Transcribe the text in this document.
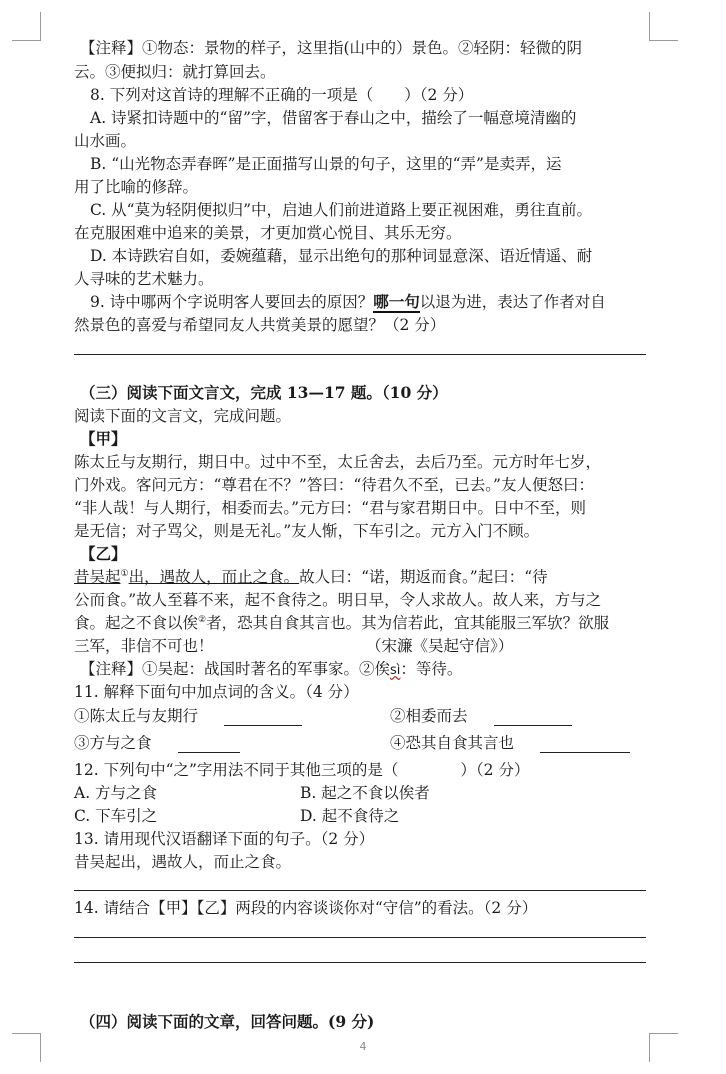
【注释】①物态：景物的样子，这里指(山中的）景色。②轻阴：轻微的阴
云。③便拟归：就打算回去。
8. 下列对这首诗的理解不正确的一项是（　　）（2 分）
A. 诗紧扣诗题中的“留”字，借留客于春山之中，描绘了一幅意境清幽的
山水画。
B. “山光物态弄春晖”是正面描写山景的句子，这里的“弄”是卖弄，运
用了比喻的修辞。
C. 从“莫为轻阴便拟归”中，启迪人们前进道路上要正视困难，勇往直前。
在克服困难中追来的美景，才更加赏心悦目、其乐无穷。
D. 本诗跌宕自如，委婉蕴藉，显示出绝句的那种词显意深、语近情遥、耐
人寻味的艺术魅力。
9. 诗中哪两个字说明客人要回去的原因？哪一句以退为进，表达了作者对自
然景色的喜爱与希望同友人共赏美景的愿望？（2 分）
（三）阅读下面文言文，完成 13—17 题。（10 分）
阅读下面的文言文，完成问题。
【甲】
陈太丘与友期行，期日中。过中不至，太丘舍去，去后乃至。元方时年七岁，
门外戏。客问元方：“尊君在不？”答曰：“待君久不至，已去。”友人便怒曰：
“非人哉！与人期行，相委而去。”元方曰：“君与家君期日中。日中不至，则
是无信；对子骂父，则是无礼。”友人惭，下车引之。元方入门不顾。
【乙】
昔吴起①出，遇故人，而止之食。故人曰：“诺，期返而食。”起曰：“待
公而食。”故人至暮不来，起不食待之。明日早，令人求故人。故人来，方与之
食。起之不食以俟②者，恐其自食其言也。其为信若此，宜其能服三军欤？欲服
三军，非信不可也！	（宋濂《吴起守信》）
【注释】①吴起：战国时著名的军事家。②俟sì：等待。
11. 解释下面句中加点词的含义。（4 分）
①陈太丘与友期行	②相委而去
③方与之食	④恐其自食其言也
12. 下列句中“之”字用法不同于其他三项的是（　　　　）（2 分）
A. 方与之食	B. 起之不食以俟者
C. 下车引之	D. 起不食待之
13. 请用现代汉语翻译下面的句子。（2 分）
昔吴起出，遇故人，而止之食。
14. 请结合【甲】【乙】两段的内容谈谈你对“守信”的看法。（2 分）
（四）阅读下面的文章，回答问题。(9 分)
4
